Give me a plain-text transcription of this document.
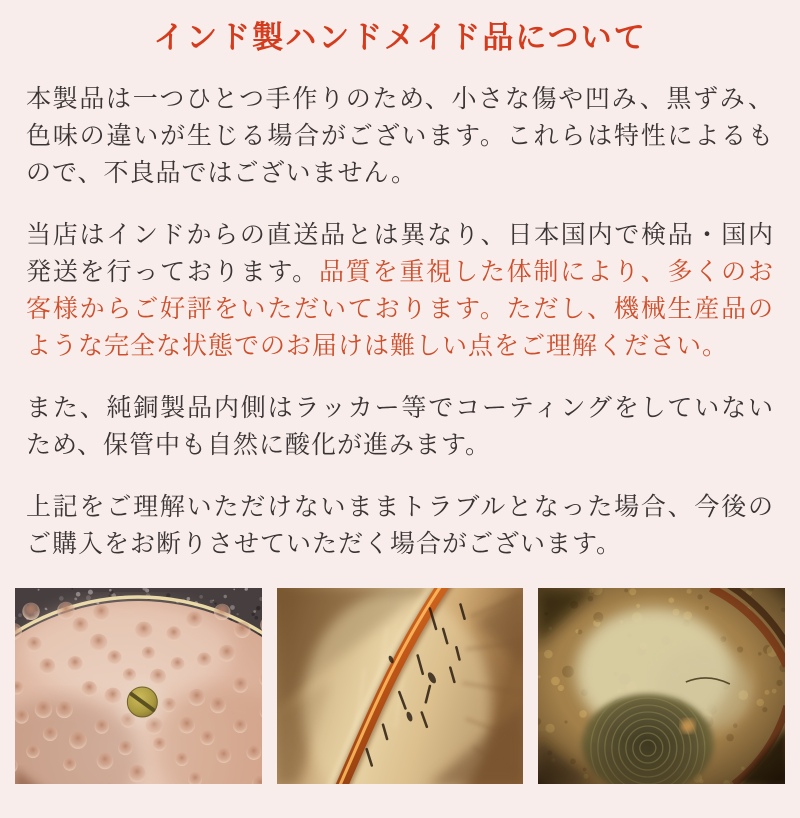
インド製ハンドメイド品について

本製品は一つひとつ手作りのため、小さな傷や凹み、黒ずみ、色味の違いが生じる場合がございます。これらは特性によるもので、不良品ではございません。

当店はインドからの直送品とは異なり、日本国内で検品・国内発送を行っております。品質を重視した体制により、多くのお客様からご好評をいただいております。ただし、機械生産品のような完全な状態でのお届けは難しい点をご理解ください。

また、純銅製品内側はラッカー等でコーティングをしていないため、保管中も自然に酸化が進みます。

上記をご理解いただけないままトラブルとなった場合、今後のご購入をお断りさせていただく場合がございます。
